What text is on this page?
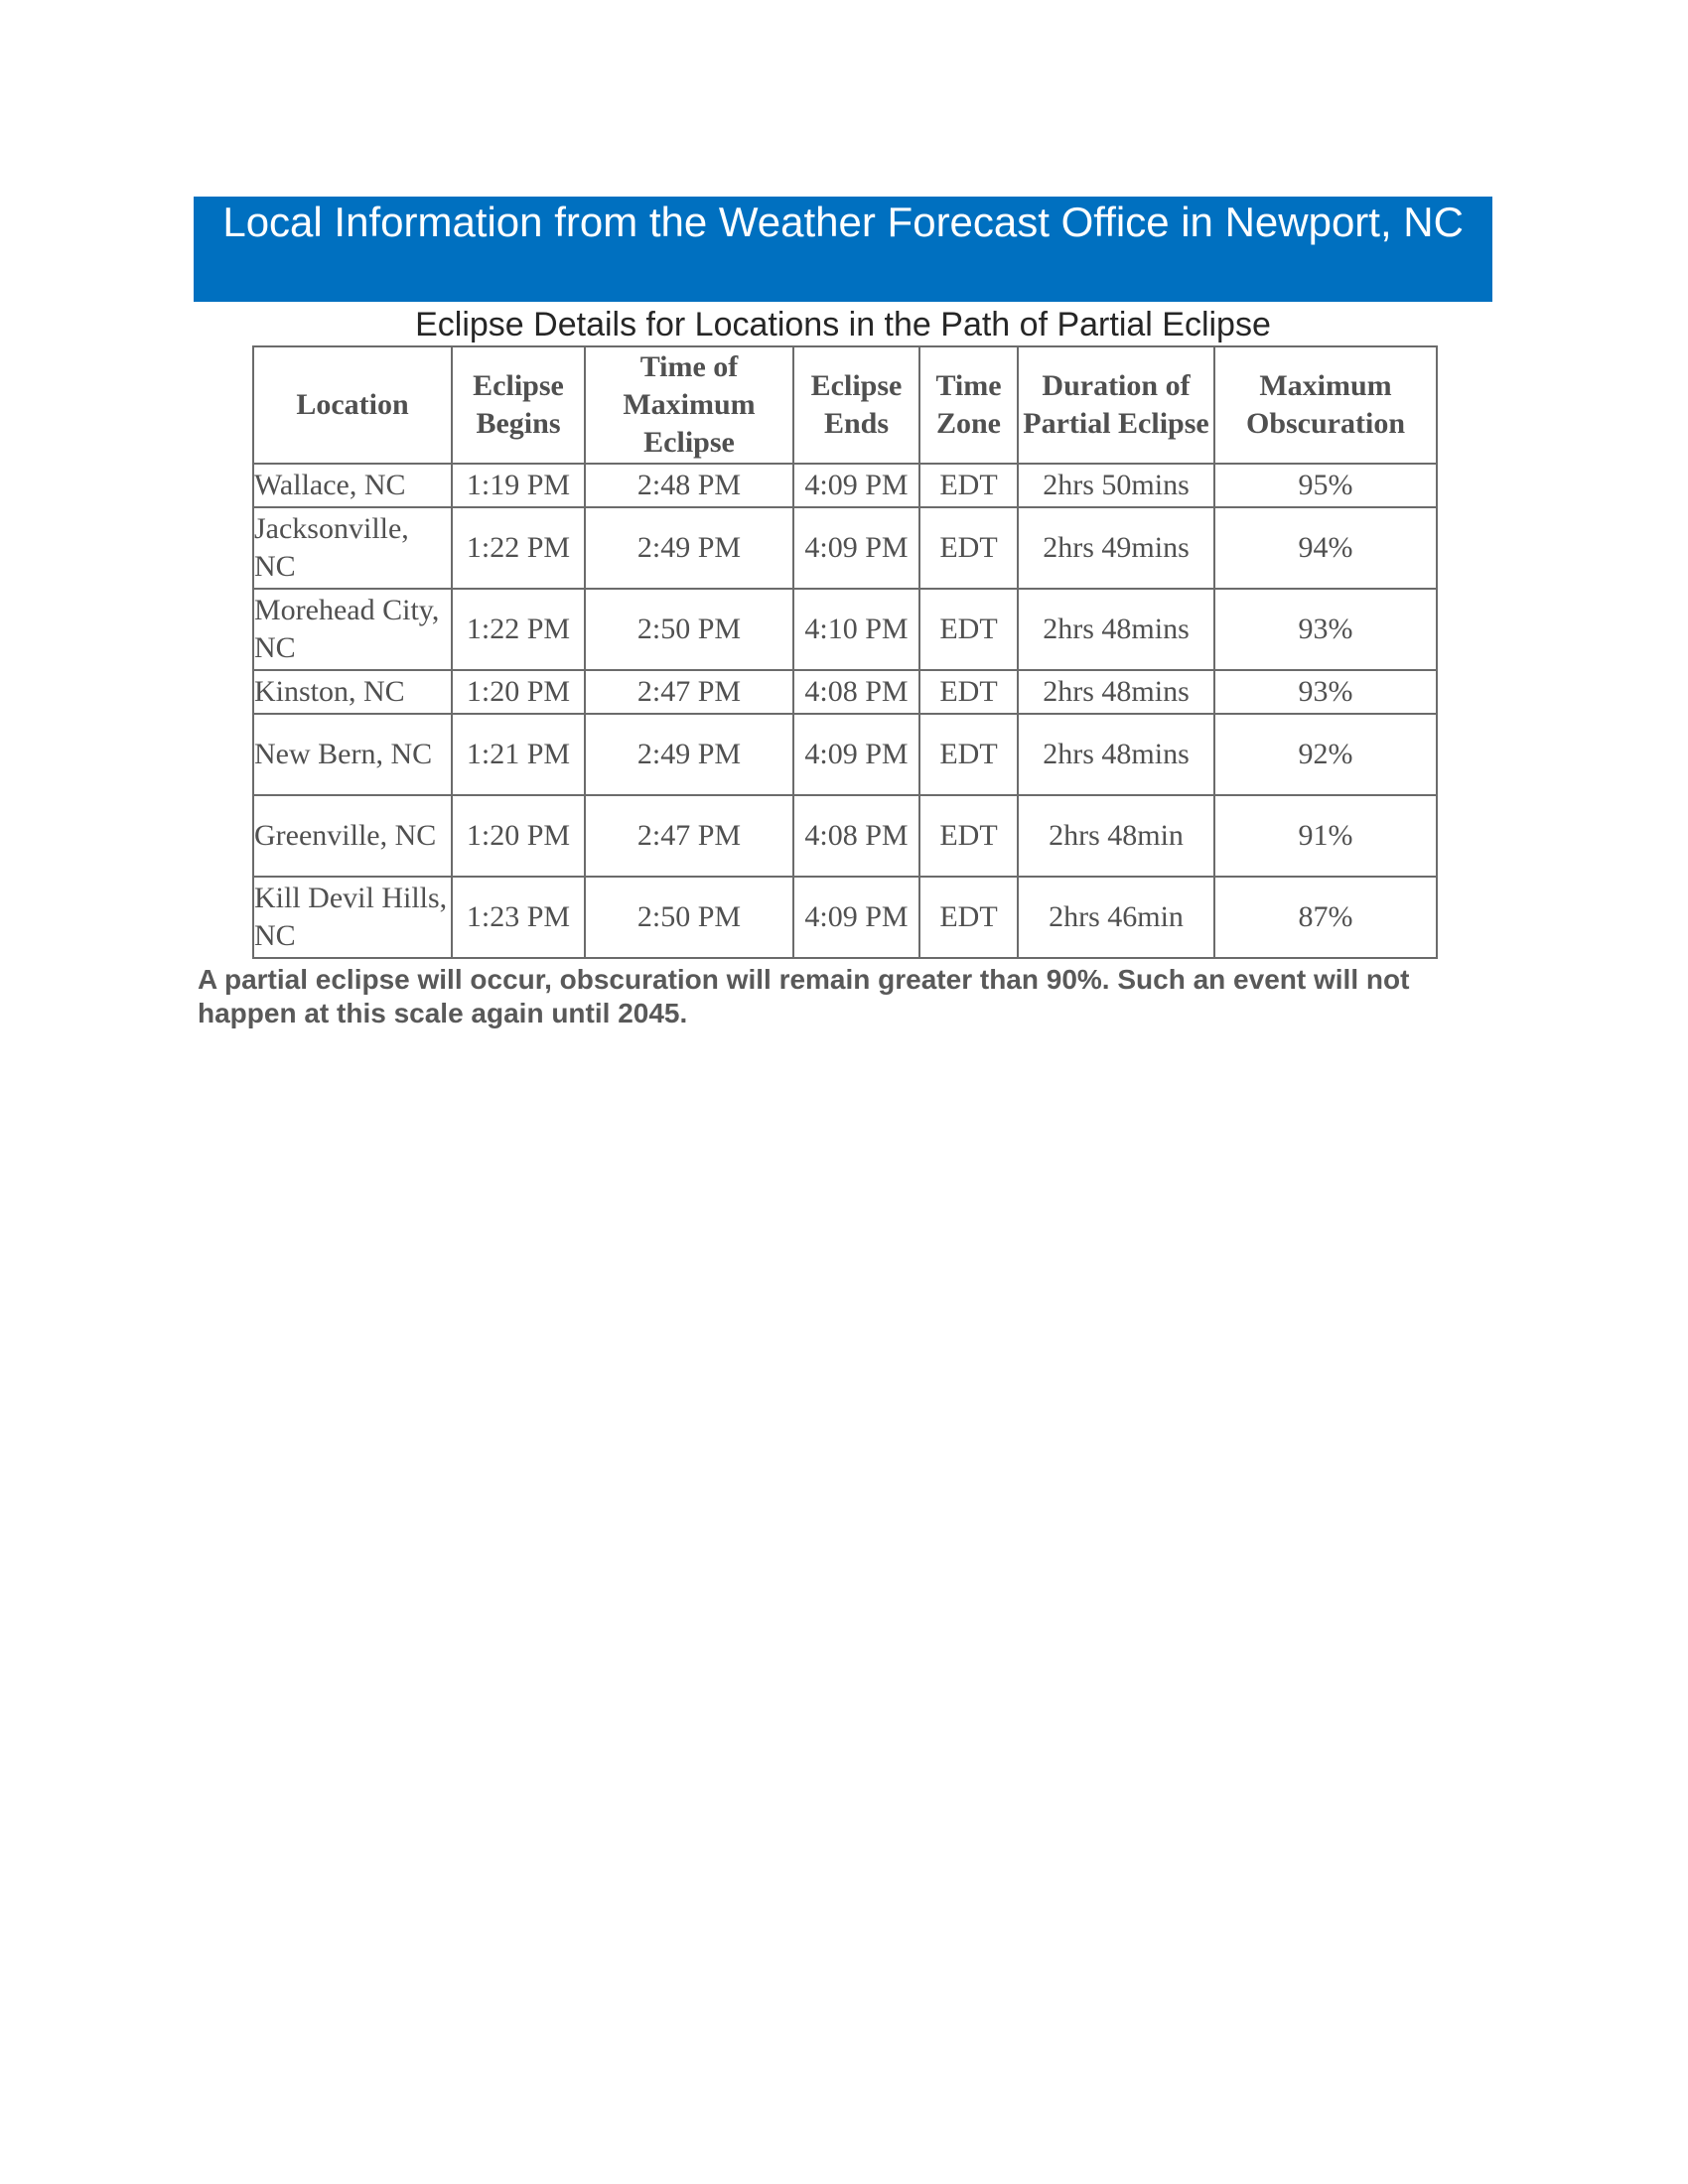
Local Information from the Weather Forecast Office in Newport, NC
Eclipse Details for Locations in the Path of Partial Eclipse
Location	Eclipse Begins	Time of Maximum Eclipse	Eclipse Ends	Time Zone	Duration of Partial Eclipse	Maximum Obscuration
Wallace, NC	1:19 PM	2:48 PM	4:09 PM	EDT	2hrs 50mins	95%
Jacksonville, NC	1:22 PM	2:49 PM	4:09 PM	EDT	2hrs 49mins	94%
Morehead City, NC	1:22 PM	2:50 PM	4:10 PM	EDT	2hrs 48mins	93%
Kinston, NC	1:20 PM	2:47 PM	4:08 PM	EDT	2hrs 48mins	93%
New Bern, NC	1:21 PM	2:49 PM	4:09 PM	EDT	2hrs 48mins	92%
Greenville, NC	1:20 PM	2:47 PM	4:08 PM	EDT	2hrs 48min	91%
Kill Devil Hills, NC	1:23 PM	2:50 PM	4:09 PM	EDT	2hrs 46min	87%

A partial eclipse will occur, obscuration will remain greater than 90%. Such an event will not happen at this scale again until 2045.
